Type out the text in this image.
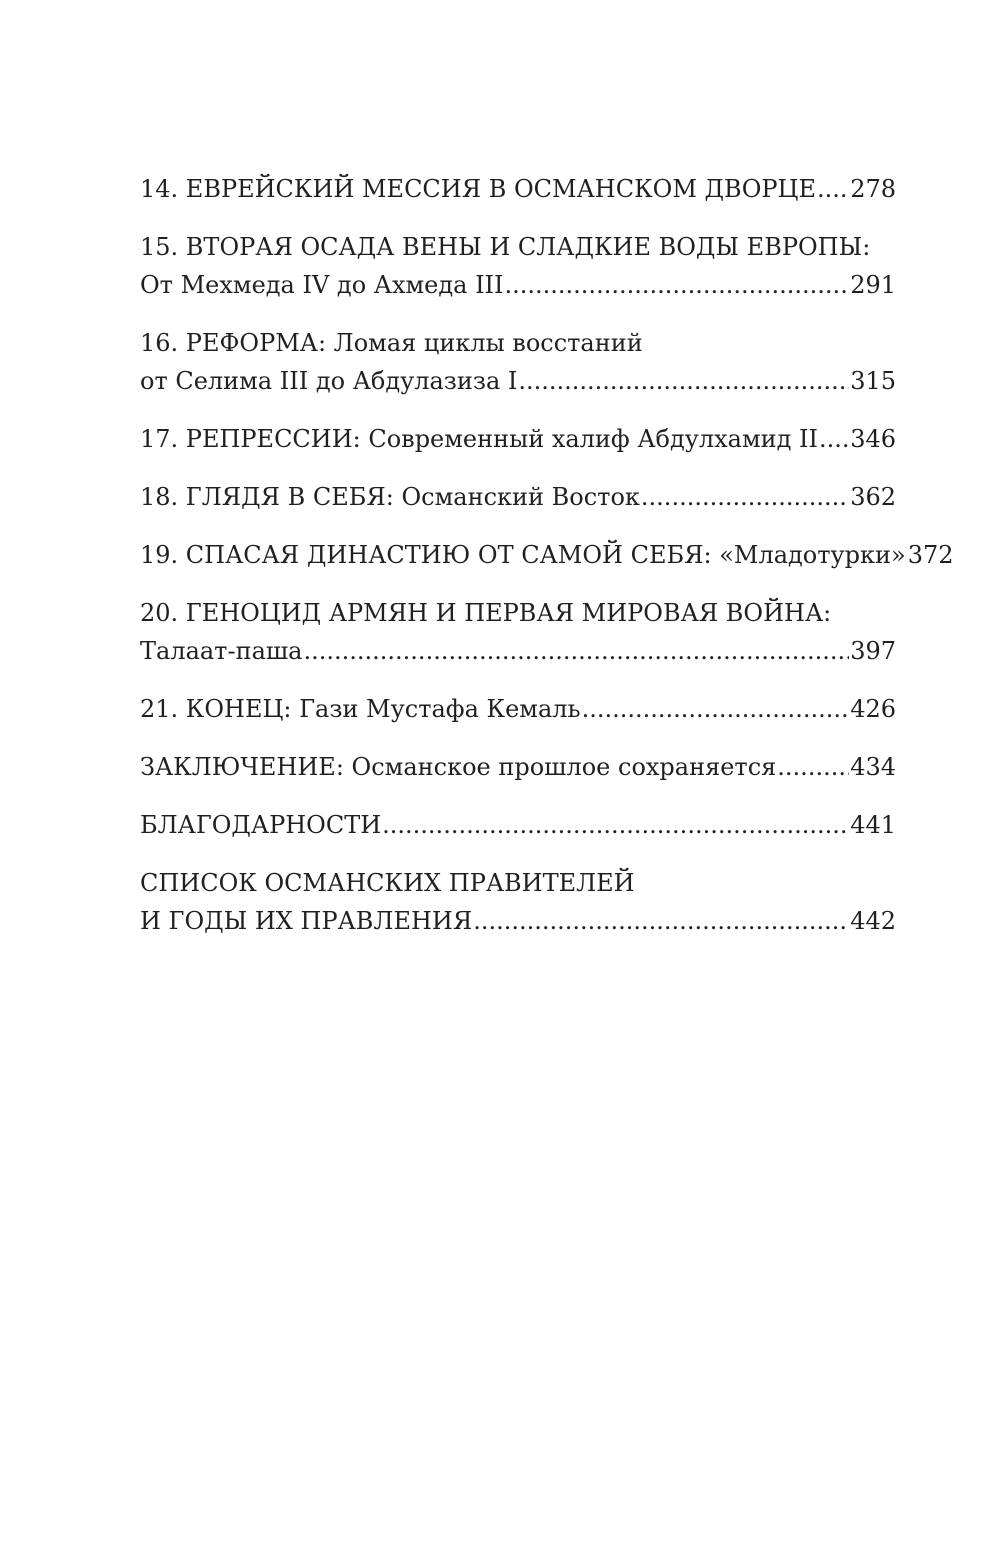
14. ЕВРЕЙСКИЙ МЕССИЯ В ОСМАНСКОМ ДВОРЦЕ ..... 278
15. ВТОРАЯ ОСАДА ВЕНЫ И СЛАДКИЕ ВОДЫ ЕВРОПЫ:
От Мехмеда IV до Ахмеда III .....	291
16. РЕФОРМА: Ломая циклы восстаний
от Селима III до Абдулазиза I .....	315
17. РЕПРЕССИИ: Современный халиф Абдулхамид II ..... 346
18. ГЛЯДЯ В СЕБЯ: Османский Восток .....	362
19. СПАСАЯ ДИНАСТИЮ ОТ САМОЙ СЕБЯ: «Младотурки» 372
20. ГЕНОЦИД АРМЯН И ПЕРВАЯ МИРОВАЯ ВОЙНА:
Талаат-паша .....	397
21. КОНЕЦ: Гази Мустафа Кемаль .....	426
ЗАКЛЮЧЕНИЕ: Османское прошлое сохраняется .....	434
БЛАГОДАРНОСТИ .....	441
СПИСОК ОСМАНСКИХ ПРАВИТЕЛЕЙ
И ГОДЫ ИХ ПРАВЛЕНИЯ .....	442
